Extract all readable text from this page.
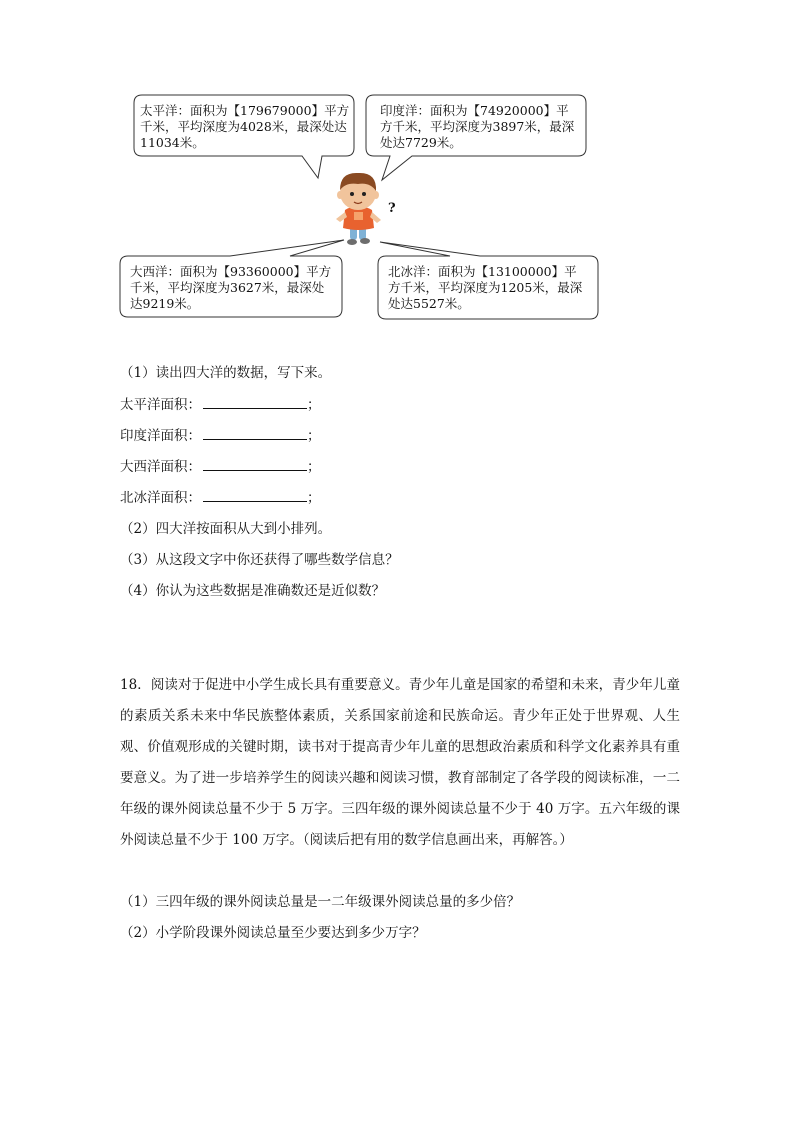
太平洋：面积为【179679000】平方千米，平均深度为4028米，最深处达11034米。
印度洋：面积为【74920000】平方千米，平均深度为3897米，最深处达7729米。
大西洋：面积为【93360000】平方千米，平均深度为3627米，最深处达9219米。
北冰洋：面积为【13100000】平方千米，平均深度为1205米，最深处达5527米。
?
（1）读出四大洋的数据，写下来。
太平洋面积：	；
印度洋面积：	；
大西洋面积：	；
北冰洋面积：	；
（2）四大洋按面积从大到小排列。
（3）从这段文字中你还获得了哪些数学信息？
（4）你认为这些数据是准确数还是近似数？
18．阅读对于促进中小学生成长具有重要意义。青少年儿童是国家的希望和未来，青少年儿童的素质关系未来中华民族整体素质，关系国家前途和民族命运。青少年正处于世界观、人生观、价值观形成的关键时期，读书对于提高青少年儿童的思想政治素质和科学文化素养具有重要意义。为了进一步培养学生的阅读兴趣和阅读习惯，教育部制定了各学段的阅读标准，一二年级的课外阅读总量不少于 5 万字。三四年级的课外阅读总量不少于 40 万字。五六年级的课外阅读总量不少于 100 万字。（阅读后把有用的数学信息画出来，再解答。）
（1）三四年级的课外阅读总量是一二年级课外阅读总量的多少倍？
（2）小学阶段课外阅读总量至少要达到多少万字？
